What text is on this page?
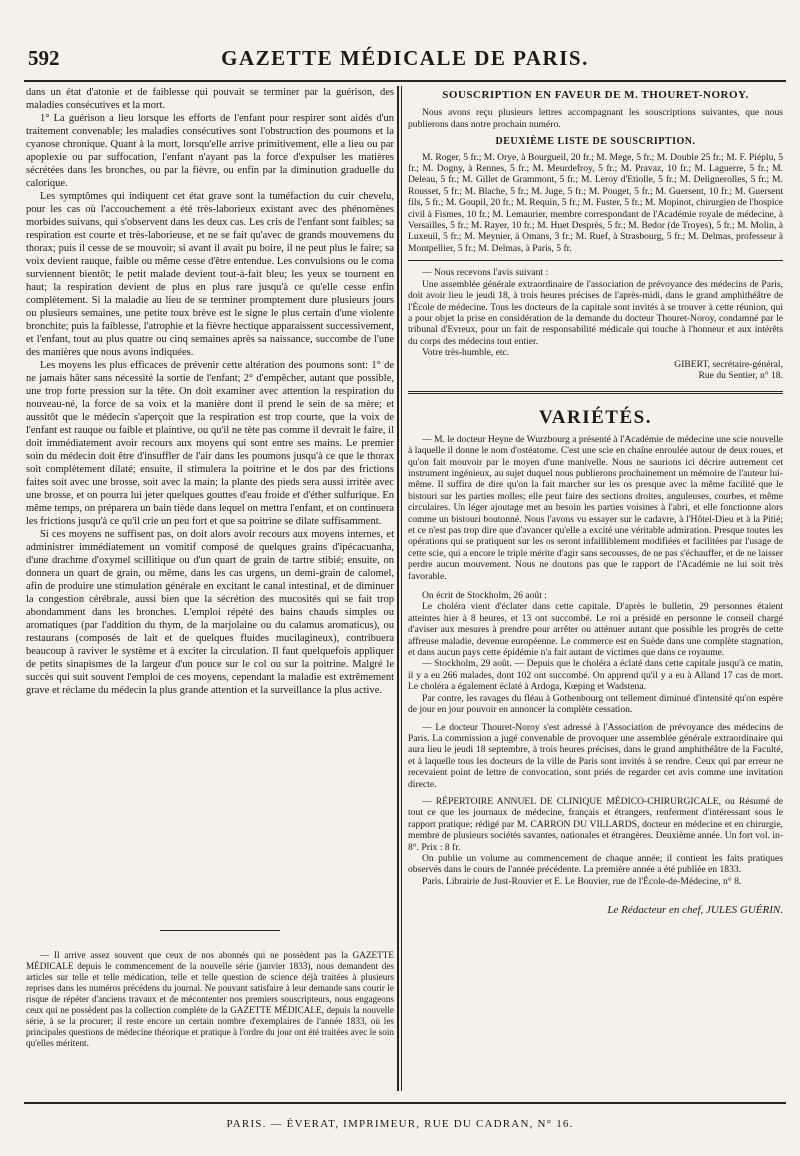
592	GAZETTE MÉDICALE DE PARIS.

dans un état d'atonie et de faiblesse qui pouvait se terminer par la guérison, des maladies consécutives et la mort.

1° La guérison a lieu lorsque les efforts de l'enfant pour respirer sont aidés d'un traitement convenable; les maladies consécutives sont l'obstruction des poumons et la cyanose chronique. Quant à la mort, lorsqu'elle arrive primitivement, elle a lieu ou par apoplexie ou par suffocation, l'enfant n'ayant pas la force d'expulser les matières sécrétées dans les bronches, ou par la fièvre, ou enfin par la diminution graduelle du calorique.

Les symptômes qui indiquent cet état grave sont la tuméfaction du cuir chevelu, pour les cas où l'accouchement a été très-laborieux existant avec des phénomènes morbides suivans, qui s'observent dans les deux cas. Les cris de l'enfant sont faibles; sa respiration est courte et très-laborieuse, et ne se fait qu'avec de grands mouvemens du thorax; puis il cesse de se mouvoir; si avant il avait pu boire, il ne peut plus le faire; sa voix devient rauque, faible ou même cesse d'être entendue. Les convulsions ou le coma surviennent bientôt; le petit malade devient tout-à-fait bleu; les yeux se tournent en haut; la respiration devient de plus en plus rare jusqu'à ce qu'elle cesse enfin complètement. Si la maladie au lieu de se terminer promptement dure plusieurs jours ou plusieurs semaines, une petite toux brève est le signe le plus certain d'une violente bronchite; puis la faiblesse, l'atrophie et la fièvre hectique apparaissent successivement, et l'enfant, tout au plus quatre ou cinq semaines après sa naissance, succombe de l'une des manières que nous avons indiquées.

Les moyens les plus efficaces de prévenir cette altération des poumons sont: 1° de ne jamais hâter sans nécessité la sortie de l'enfant; 2° d'empêcher, autant que possible, une trop forte pression sur la tête. On doit examiner avec attention la respiration du nouveau-né, la force de sa voix et la manière dont il prend le sein de sa mère; et aussitôt que le médecin s'aperçoit que la respiration est trop courte, que la voix de l'enfant est rauque ou faible et plaintive, ou qu'il ne tète pas comme il devrait le faire, il doit immédiatement avoir recours aux moyens qui sont entre ses mains. Le premier soin du médecin doit être d'insuffler de l'air dans les poumons jusqu'à ce que le thorax soit complètement dilaté; ensuite, il stimulera la poitrine et le dos par des frictions faites soit avec une brosse, soit avec la main; la plante des pieds sera aussi irritée avec une brosse, et on pourra lui jeter quelques gouttes d'eau froide et d'éther sulfurique. En même temps, on préparera un bain tiède dans lequel on mettra l'enfant, et on continuera les frictions jusqu'à ce qu'il crie un peu fort et que sa poitrine se dilate suffisamment.

Si ces moyens ne suffisent pas, on doit alors avoir recours aux moyens internes, et administrer immédiatement un vomitif composé de quelques grains d'ipécacuanha, d'une drachme d'oxymel scillitique ou d'un quart de grain de tartre stibié; ensuite, on donnera un quart de grain, ou même, dans les cas urgens, un demi-grain de calomel, afin de produire une stimulation générale en excitant le canal intestinal, et de diminuer la congestion cérébrale, aussi bien que la sécrétion des mucosités qui se fait trop abondamment dans les bronches. L'emploi répété des bains chauds simples ou aromatiques (par l'addition du thym, de la marjolaine ou du calamus aromaticus), ou restaurans (composés de lait et de quelques fluides mucilagineux), contribuera beaucoup à raviver le système et à exciter la circulation. Il faut quelquefois appliquer de petits sinapismes de la largeur d'un pouce sur le col ou sur la poitrine. Malgré le succès qui suit souvent l'emploi de ces moyens, cependant la maladie est extrêmement grave et réclame du médecin la plus grande attention et la surveillance la plus active.

— Il arrive assez souvent que ceux de nos abonnés qui ne possèdent pas la GAZETTE MÉDICALE depuis le commencement de la nouvelle série (janvier 1833), nous demandent des articles sur telle et telle médication, telle et telle question de science déjà traitées à plusieurs reprises dans les numéros précédens du journal. Ne pouvant satisfaire à leur demande sans courir le risque de répéter d'anciens travaux et de mécontenter nos premiers souscripteurs, nous engageons ceux qui ne possèdent pas la collection complète de la GAZETTE MÉDICALE, depuis la nouvelle série, à se la procurer; il reste encore un certain nombre d'exemplaires de l'année 1833, où les principales questions de médecine théorique et pratique à l'ordre du jour ont été traitées avec le soin qu'elles méritent.

SOUSCRIPTION EN FAVEUR DE M. THOURET-NOROY.

Nous avons reçu plusieurs lettres accompagnant les souscriptions suivantes, que nous publierons dans notre prochain numéro.

DEUXIÈME LISTE DE SOUSCRIPTION.

M. Roger, 5 fr.; M. Orye, à Bourgueil, 20 fr.; M. Mege, 5 fr.; M. Double 25 fr.; M. F. Piéplu, 5 fr.; M. Dogny, à Rennes, 5 fr.; M. Meurdefroy, 5 fr.; M. Pravaz, 10 fr.; M. Laguerre, 5 fr.; M. Deleau, 5 fr.; M. Gillet de Grammont, 5 fr.; M. Leroy d'Etiolle, 5 fr.; M. Delignerolles, 5 fr.; M. Rousset, 5 fr.; M. Blache, 5 fr.; M. Juge, 5 fr.; M. Pouget, 5 fr.; M. Guersent, 10 fr.; M. Guersent fils, 5 fr.; M. Goupil, 20 fr.; M. Requin, 5 fr.; M. Fuster, 5 fr.; M. Mopinot, chirurgien de l'hospice civil à Fismes, 10 fr.; M. Lemaurier, membre correspondant de l'Académie royale de médecine, à Versailles, 5 fr.; M. Rayer, 10 fr.; M. Huet Desprès, 5 fr.; M. Bedor (de Troyes), 5 fr.; M. Molin, à Luxeuil, 5 fr.; M. Meynier, à Omans, 3 fr.; M. Ruef, à Strasbourg, 5 fr.; M. Delmas, professeur à Montpellier, 5 fr.; M. Delmas, à Paris, 5 fr.

— Nous recevons l'avis suivant :

Une assemblée générale extraordinaire de l'association de prévoyance des médecins de Paris, doit avoir lieu le jeudi 18, à trois heures précises de l'après-midi, dans le grand amphithéâtre de l'École de médecine. Tous les docteurs de la capitale sont invités à se trouver à cette réunion, qui a pour objet la prise en considération de la demande du docteur Thouret-Noroy, condamné par le tribunal d'Evreux, pour un fait de responsabilité médicale qui touche à l'honneur et aux intérêts du corps des médecins tout entier.

Votre très-humble, etc.

GIBERT, secrétaire-général,
Rue du Sentier, n° 18.
VARIÉTÉS.

— M. le docteur Heyne de Wurzbourg a présenté à l'Académie de médecine une scie nouvelle à laquelle il donne le nom d'ostéatome. C'est une scie en chaîne enroulée autour de deux roues, et qu'on fait mouvoir par le moyen d'une manivelle. Nous ne saurions ici décrire autrement cet instrument ingénieux, au sujet duquel nous publierons prochainement un mémoire de l'auteur lui-même. Il suffira de dire qu'on la fait marcher sur les os presque avec la même facilité que le bistouri sur les parties molles; elle peut faire des sections droites, anguleuses, courbes, et même circulaires. Un léger ajoutage met au besoin les parties voisines à l'abri, et elle fonctionne alors comme un bistouri boutonné. Nous l'avons vu essayer sur le cadavre, à l'Hôtel-Dieu et à la Pitié; et ce n'est pas trop dire que d'avancer qu'elle a excité une véritable admiration. Presque toutes les opérations qui se pratiquent sur les os seront infailliblement modifiées et facilitées par l'usage de cette scie, qui a encore le triple mérite d'agir sans secousses, de ne pas s'échauffer, et de ne laisser perdre aucun mouvement. Nous ne doutons pas que le rapport de l'Académie ne lui soit très favorable.

On écrit de Stockholm, 26 août :

Le choléra vient d'éclater dans cette capitale. D'après le bulletin, 29 personnes étaient atteintes hier à 8 heures, et 13 ont succombé. Le roi a présidé en personne le conseil chargé d'aviser aux mesures à prendre pour arrêter ou atténuer autant que possible les progrès de cette affreuse maladie, devenue européenne. Le commerce est en Suède dans une complète stagnation, et dans aucun pays cette épidémie n'a fait autant de victimes que dans ce royaume.

— Stockholm, 29 août. — Depuis que le choléra a éclaté dans cette capitale jusqu'à ce matin, il y a eu 266 malades, dont 102 ont succombé. On apprend qu'il y a eu à Alland 17 cas de mort. Le choléra a également éclaté à Ardoga, Kœping et Wadstena.

Par contre, les ravages du fléau à Gothenbourg ont tellement diminué d'intensité qu'on espère de jour en jour pouvoir en annoncer la complète cessation.

— Le docteur Thouret-Noroy s'est adressé à l'Association de prévoyance des médecins de Paris. La commission a jugé convenable de provoquer une assemblée générale extraordinaire qui aura lieu le jeudi 18 septembre, à trois heures précises, dans le grand amphithéâtre de la Faculté, et à laquelle tous les docteurs de la ville de Paris sont invités à se rendre. Ceux qui par erreur ne recevaient point de lettre de convocation, sont priés de regarder cet avis comme une invitation directe.

— RÉPERTOIRE ANNUEL DE CLINIQUE MÉDICO-CHIRURGICALE, ou Résumé de tout ce que les journaux de médecine, français et étrangers, renferment d'intéressant sous le rapport pratique; rédigé par M. CARRON DU VILLARDS, docteur en médecine et en chirurgie, membre de plusieurs sociétés savantes, nationales et étrangères. Deuxième année. Un fort vol. in-8°. Prix : 8 fr.

On publie un volume au commencement de chaque année; il contient les faits pratiques observés dans le cours de l'année précédente. La première année a été publiée en 1833.

Paris. Librairie de Just-Rouvier et E. Le Bouvier, rue de l'École-de-Médecine, n° 8.

Le Rédacteur en chef, JULES GUÉRIN.
PARIS. — ÉVERAT, IMPRIMEUR, RUE DU CADRAN, N° 16.
